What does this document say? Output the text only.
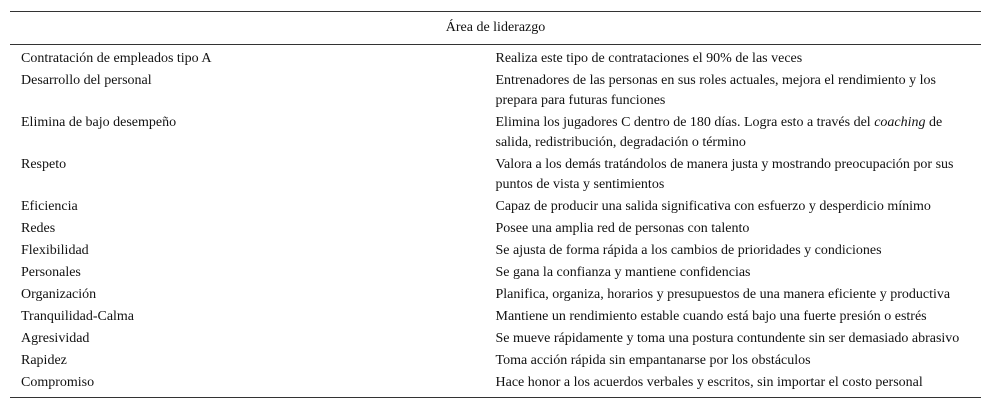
Área de liderazgo	
Contratación de empleados tipo A	Realiza este tipo de contrataciones el 90% de las veces
Desarrollo del personal	Entrenadores de las personas en sus roles actuales, mejora el rendimiento y los prepara para futuras funciones
Elimina de bajo desempeño	Elimina los jugadores C dentro de 180 días. Logra esto a través del coaching de salida, redistribución, degradación o término
Respeto	Valora a los demás tratándolos de manera justa y mostrando preocupación por sus puntos de vista y sentimientos
Eficiencia	Capaz de producir una salida significativa con esfuerzo y desperdicio mínimo
Redes	Posee una amplia red de personas con talento
Flexibilidad	Se ajusta de forma rápida a los cambios de prioridades y condiciones
Personales	Se gana la confianza y mantiene confidencias
Organización	Planifica, organiza, horarios y presupuestos de una manera eficiente y productiva
Tranquilidad-Calma	Mantiene un rendimiento estable cuando está bajo una fuerte presión o estrés
Agresividad	Se mueve rápidamente y toma una postura contundente sin ser demasiado abrasivo
Rapidez	Toma acción rápida sin empantanarse por los obstáculos
Compromiso	Hace honor a los acuerdos verbales y escritos, sin importar el costo personal
